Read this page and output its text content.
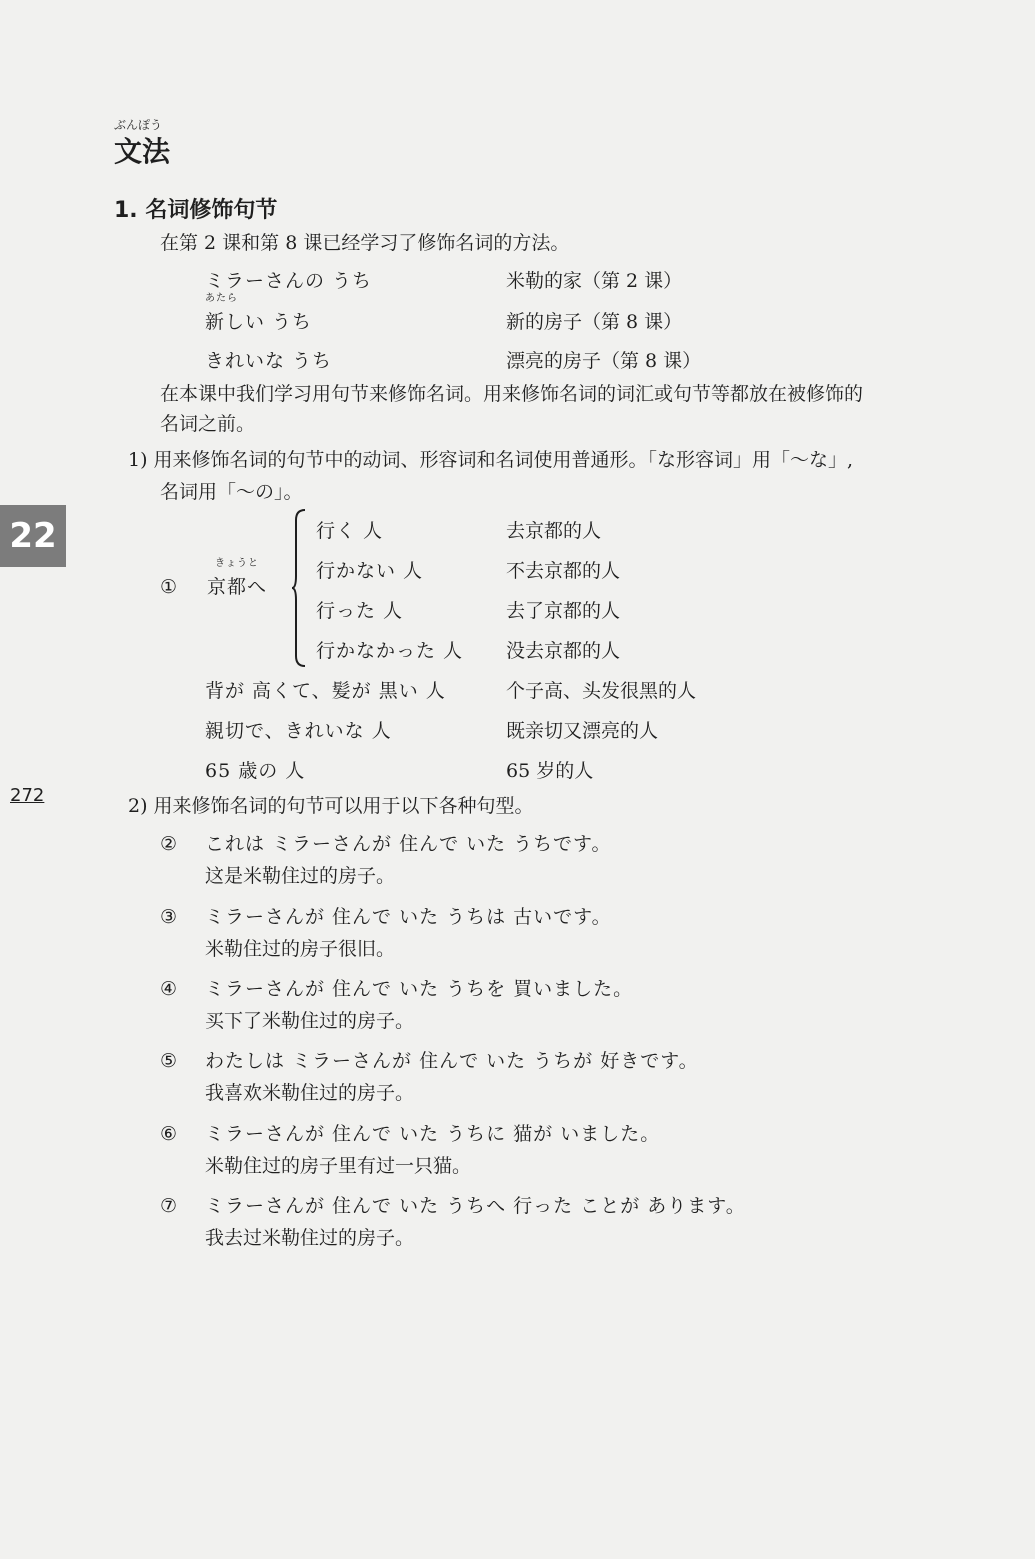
ぶんぽう
文法
1. 名词修饰句节
在第 2 课和第 8 课已经学习了修饰名词的方法。
ミラーさんの うち	米勒的家（第 2 课）
あたら
新しい うち	新的房子（第 8 课）
きれいな うち	漂亮的房子（第 8 课）
在本课中我们学习用句节来修饰名词。用来修饰名词的词汇或句节等都放在被修饰的
名词之前。
1) 用来修饰名词的句节中的动词、形容词和名词使用普通形。「な形容词」用「～な」,
名词用「～の」。
22
①
きょうと
京都へ
行く 人	去京都的人
行かない 人	不去京都的人
行った 人	去了京都的人
行かなかった 人 没去京都的人
背が 高くて、髪が 黒い 人	个子高、头发很黑的人
親切で、きれいな 人	既亲切又漂亮的人
65 歳の 人	65 岁的人
272	2) 用来修饰名词的句节可以用于以下各种句型。
② これは ミラーさんが 住んで いた うちです。
这是米勒住过的房子。
③ ミラーさんが 住んで いた うちは 古いです。
米勒住过的房子很旧。
④ ミラーさんが 住んで いた うちを 買いました。
买下了米勒住过的房子。
⑤ わたしは ミラーさんが 住んで いた うちが 好きです。
我喜欢米勒住过的房子。
⑥ ミラーさんが 住んで いた うちに 猫が いました。
米勒住过的房子里有过一只猫。
⑦ ミラーさんが 住んで いた うちへ 行った ことが あります。
我去过米勒住过的房子。
